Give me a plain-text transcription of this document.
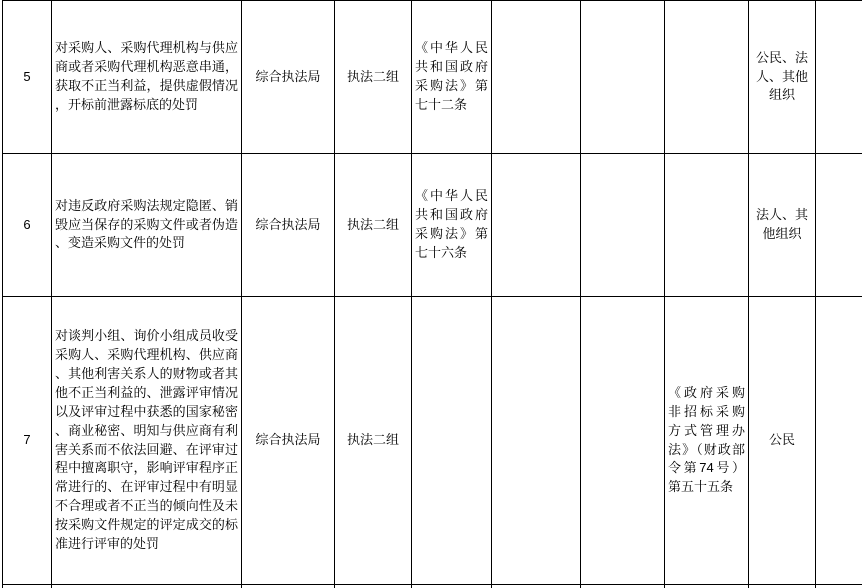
5	对采购人、采购代理机构与供应商或者采购代理机构恶意串通，获取不正当利益，提供虚假情况，开标前泄露标底的处罚	综合执法局	执法二组	《中华人民共和国政府采购法》第七十二条				公民、法人、其他组织	
6	对违反政府采购法规定隐匿、销毁应当保存的采购文件或者伪造、变造采购文件的处罚	综合执法局	执法二组	《中华人民共和国政府采购法》第七十六条				法人、其他组织	
7	对谈判小组、询价小组成员收受采购人、采购代理机构、供应商、其他利害关系人的财物或者其他不正当利益的、泄露评审情况以及评审过程中获悉的国家秘密、商业秘密、明知与供应商有利害关系而不依法回避、在评审过程中擅离职守，影响评审程序正常进行的、在评审过程中有明显不合理或者不正当的倾向性及未按采购文件规定的评定成交的标准进行评审的处罚	综合执法局	执法二组				《政府采购非招标采购方式管理办法》（财政部令第74号） 第五十五条	公民	
